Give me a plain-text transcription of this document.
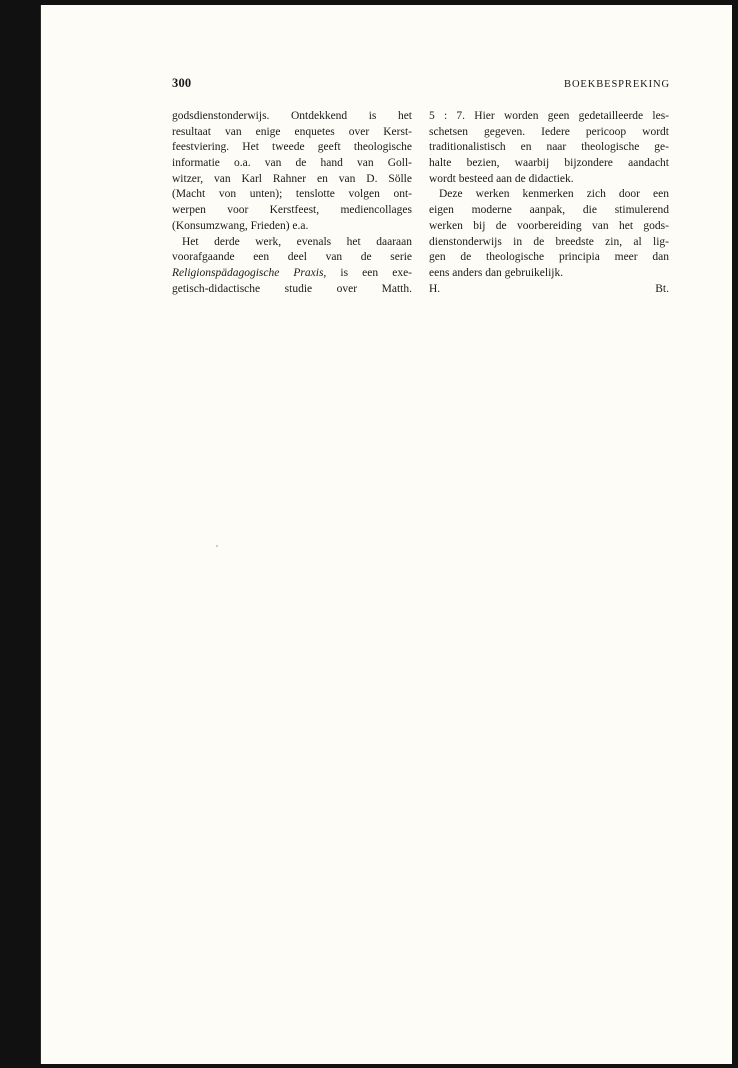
300	BOEKBESPREKING
godsdienstonderwijs. Ontdekkend is het
resultaat van enige enquetes over Kerst-
feestviering. Het tweede geeft theologische
informatie o.a. van de hand van Goll-
witzer, van Karl Rahner en van D. Sölle
(Macht von unten); tenslotte volgen ont-
werpen voor Kerstfeest, mediencollages
(Konsumzwang, Frieden) e.a.
Het derde werk, evenals het daaraan
voorafgaande een deel van de serie
Religionspädagogische Praxis, is een exe-
getisch-didactische studie over Matth.
5 : 7. Hier worden geen gedetailleerde les-
schetsen gegeven. Iedere pericoop wordt
traditionalistisch en naar theologische ge-
halte bezien, waarbij bijzondere aandacht
wordt besteed aan de didactiek.
Deze werken kenmerken zich door een
eigen moderne aanpak, die stimulerend
werken bij de voorbereiding van het gods-
dienstonderwijs in de breedste zin, al lig-
gen de theologische principia meer dan
eens anders dan gebruikelijk.
H.	Bt.
